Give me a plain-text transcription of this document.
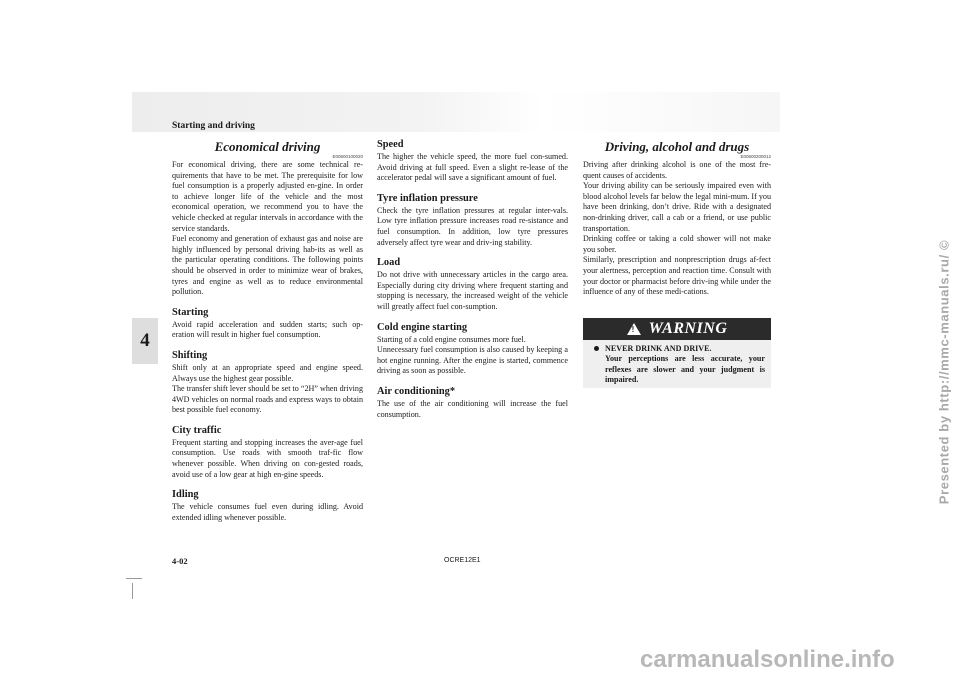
Starting and driving
4

Economical driving

E00600100020

For economical driving, there are some technical re-quirements that have to be met. The prerequisite for low fuel consumption is a properly adjusted en-gine. In order to achieve longer life of the vehicle and the most economical operation, we recommend you to have the vehicle checked at regular intervals in accordance with the service standards.

Fuel economy and generation of exhaust gas and noise are highly influenced by personal driving hab-its as well as the particular operating conditions. The following points should be observed in order to minimize wear of brakes, tyres and engine as well as to reduce environmental pollution.

Starting

Avoid rapid acceleration and sudden starts; such op-eration will result in higher fuel consumption.

Shifting

Shift only at an appropriate speed and engine speed. Always use the highest gear possible.

The transfer shift lever should be set to “2H” when driving 4WD vehicles on normal roads and express ways to obtain best possible fuel economy.

City traffic

Frequent starting and stopping increases the aver-age fuel consumption. Use roads with smooth traf-fic flow whenever possible. When driving on con-gested roads, avoid use of a low gear at high en-gine speeds.

Idling

The vehicle consumes fuel even during idling. Avoid extended idling whenever possible.

Speed

The higher the vehicle speed, the more fuel con-sumed. Avoid driving at full speed. Even a slight re-lease of the accelerator pedal will save a significant amount of fuel.

Tyre inflation pressure

Check the tyre inflation pressures at regular inter-vals. Low tyre inflation pressure increases road re-sistance and fuel consumption. In addition, low tyre pressures adversely affect tyre wear and driv-ing stability.

Load

Do not drive with unnecessary articles in the cargo area. Especially during city driving where frequent starting and stopping is necessary, the increased weight of the vehicle will greatly affect fuel con-sumption.

Cold engine starting

Starting of a cold engine consumes more fuel.

Unnecessary fuel consumption is also caused by keeping a hot engine running. After the engine is started, commence driving as soon as possible.

Air conditioning*

The use of the air conditioning will increase the fuel consumption.

Driving, alcohol and drugs

E00600200012

Driving after drinking alcohol is one of the most fre-quent causes of accidents.

Your driving ability can be seriously impaired even with blood alcohol levels far below the legal mini-mum. If you have been drinking, don’t drive. Ride with a designated non-drinking driver, call a cab or a friend, or use public transportation.

Drinking coffee or taking a cold shower will not make you sober.

Similarly, prescription and nonprescription drugs af-fect your alertness, perception and reaction time. Consult with your doctor or pharmacist before driv-ing while under the influence of any of these medi-cations.

! WARNING
NEVER DRINK AND DRIVE.
Your perceptions are less accurate, your reflexes are slower and your judgment is impaired.
4-02	OCRE12E1
Presented by http://mmc-manuals.ru/ ©
carmanualsonline.info
